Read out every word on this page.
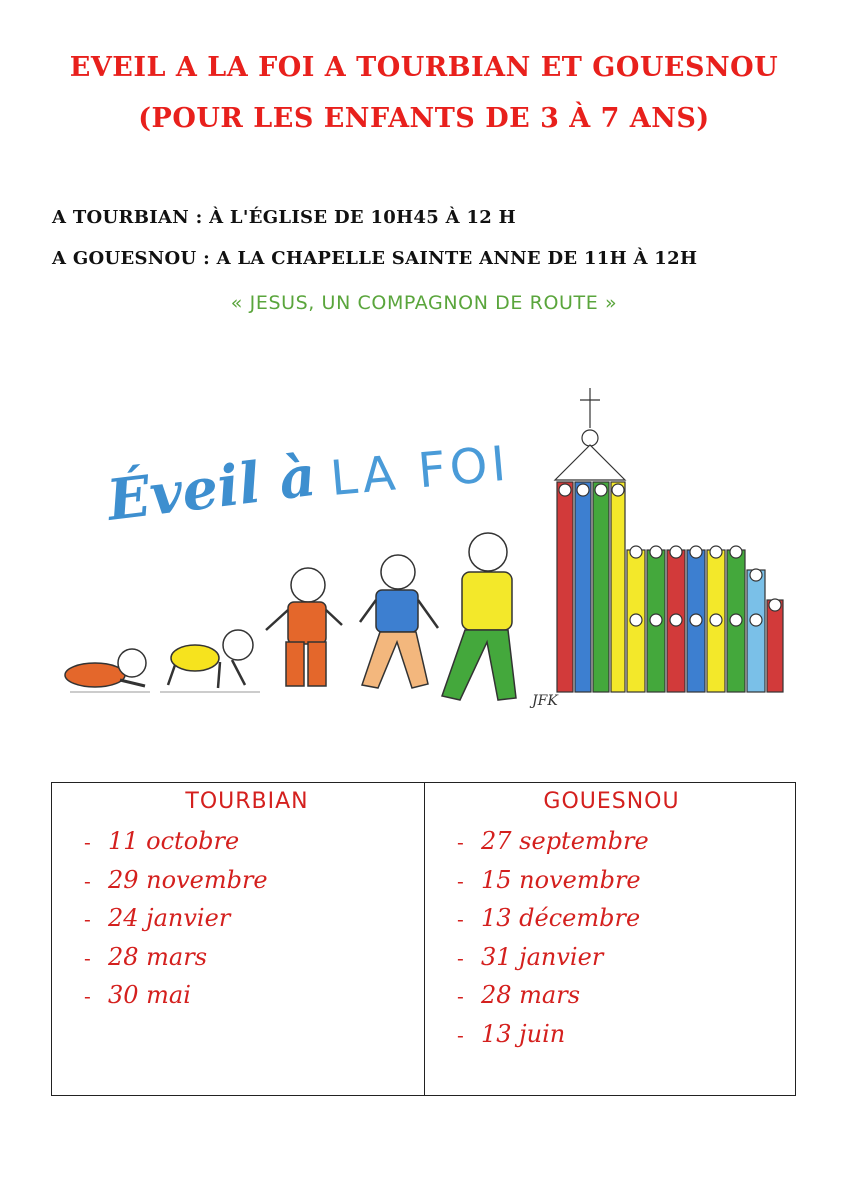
EVEIL A LA FOI A TOURBIAN ET GOUESNOU
(POUR LES ENFANTS DE 3 À 7 ANS)
A TOURBIAN : À L'ÉGLISE DE 10H45 À 12 H
A GOUESNOU : A LA CHAPELLE SAINTE ANNE DE 11H À 12H
« JESUS, UN COMPAGNON DE ROUTE »
Éveil à LA FOI
JFK
TOURBIAN
- 11 octobre
- 29 novembre
- 24 janvier
- 28 mars
- 30 mai
GOUESNOU
- 27 septembre
- 15 novembre
- 13 décembre
- 31 janvier
- 28 mars
- 13 juin
